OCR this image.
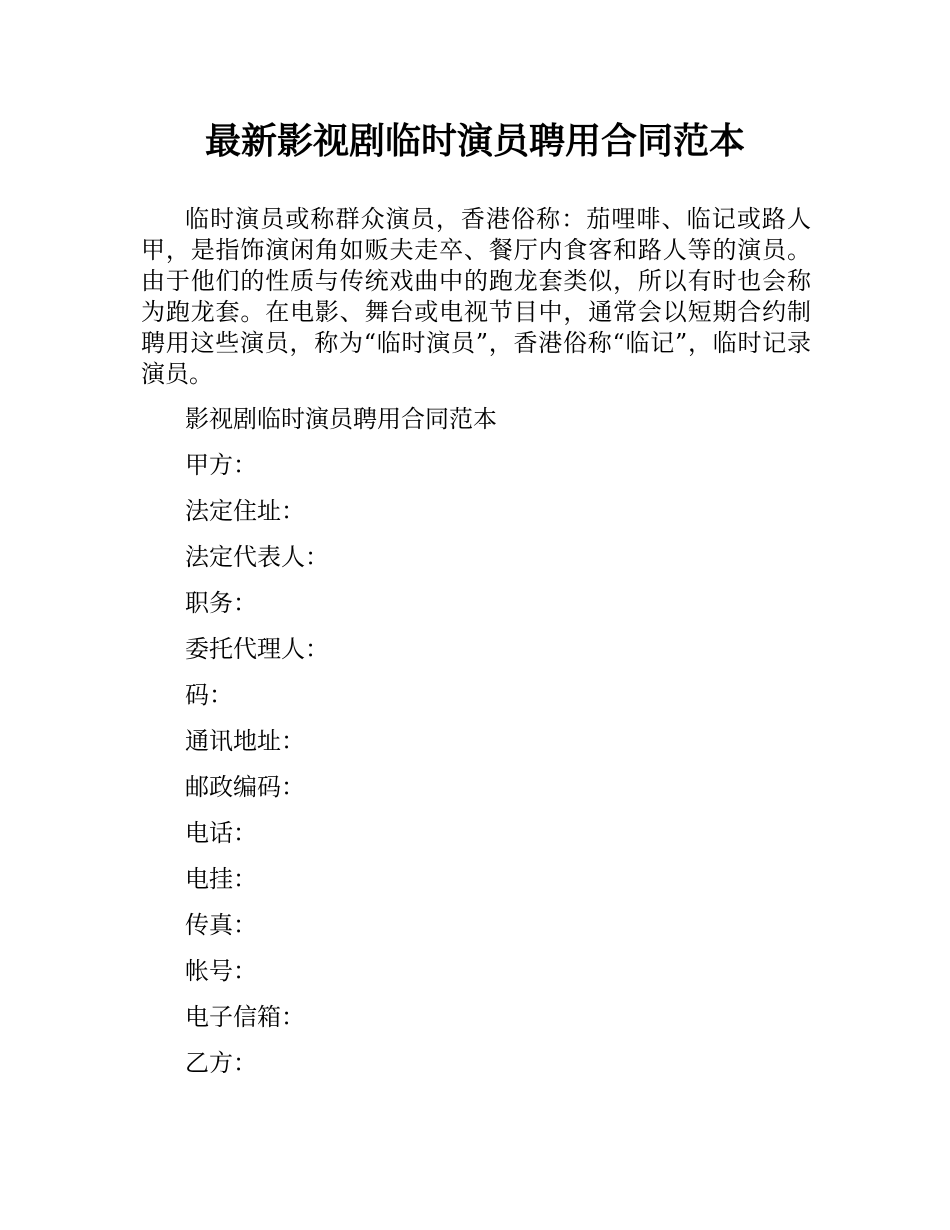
最新影视剧临时演员聘用合同范本

临时演员或称群众演员，香港俗称：茄哩啡、临记或路人甲，是指饰演闲角如贩夫走卒、餐厅内食客和路人等的演员。由于他们的性质与传统戏曲中的跑龙套类似，所以有时也会称为跑龙套。在电影、舞台或电视节目中，通常会以短期合约制聘用这些演员，称为“临时演员”，香港俗称“临记”，临时记录演员。

影视剧临时演员聘用合同范本
甲方：
法定住址：
法定代表人：
职务：
委托代理人：
码：
通讯地址：
邮政编码：
电话：
电挂：
传真：
帐号：
电子信箱：
乙方：
